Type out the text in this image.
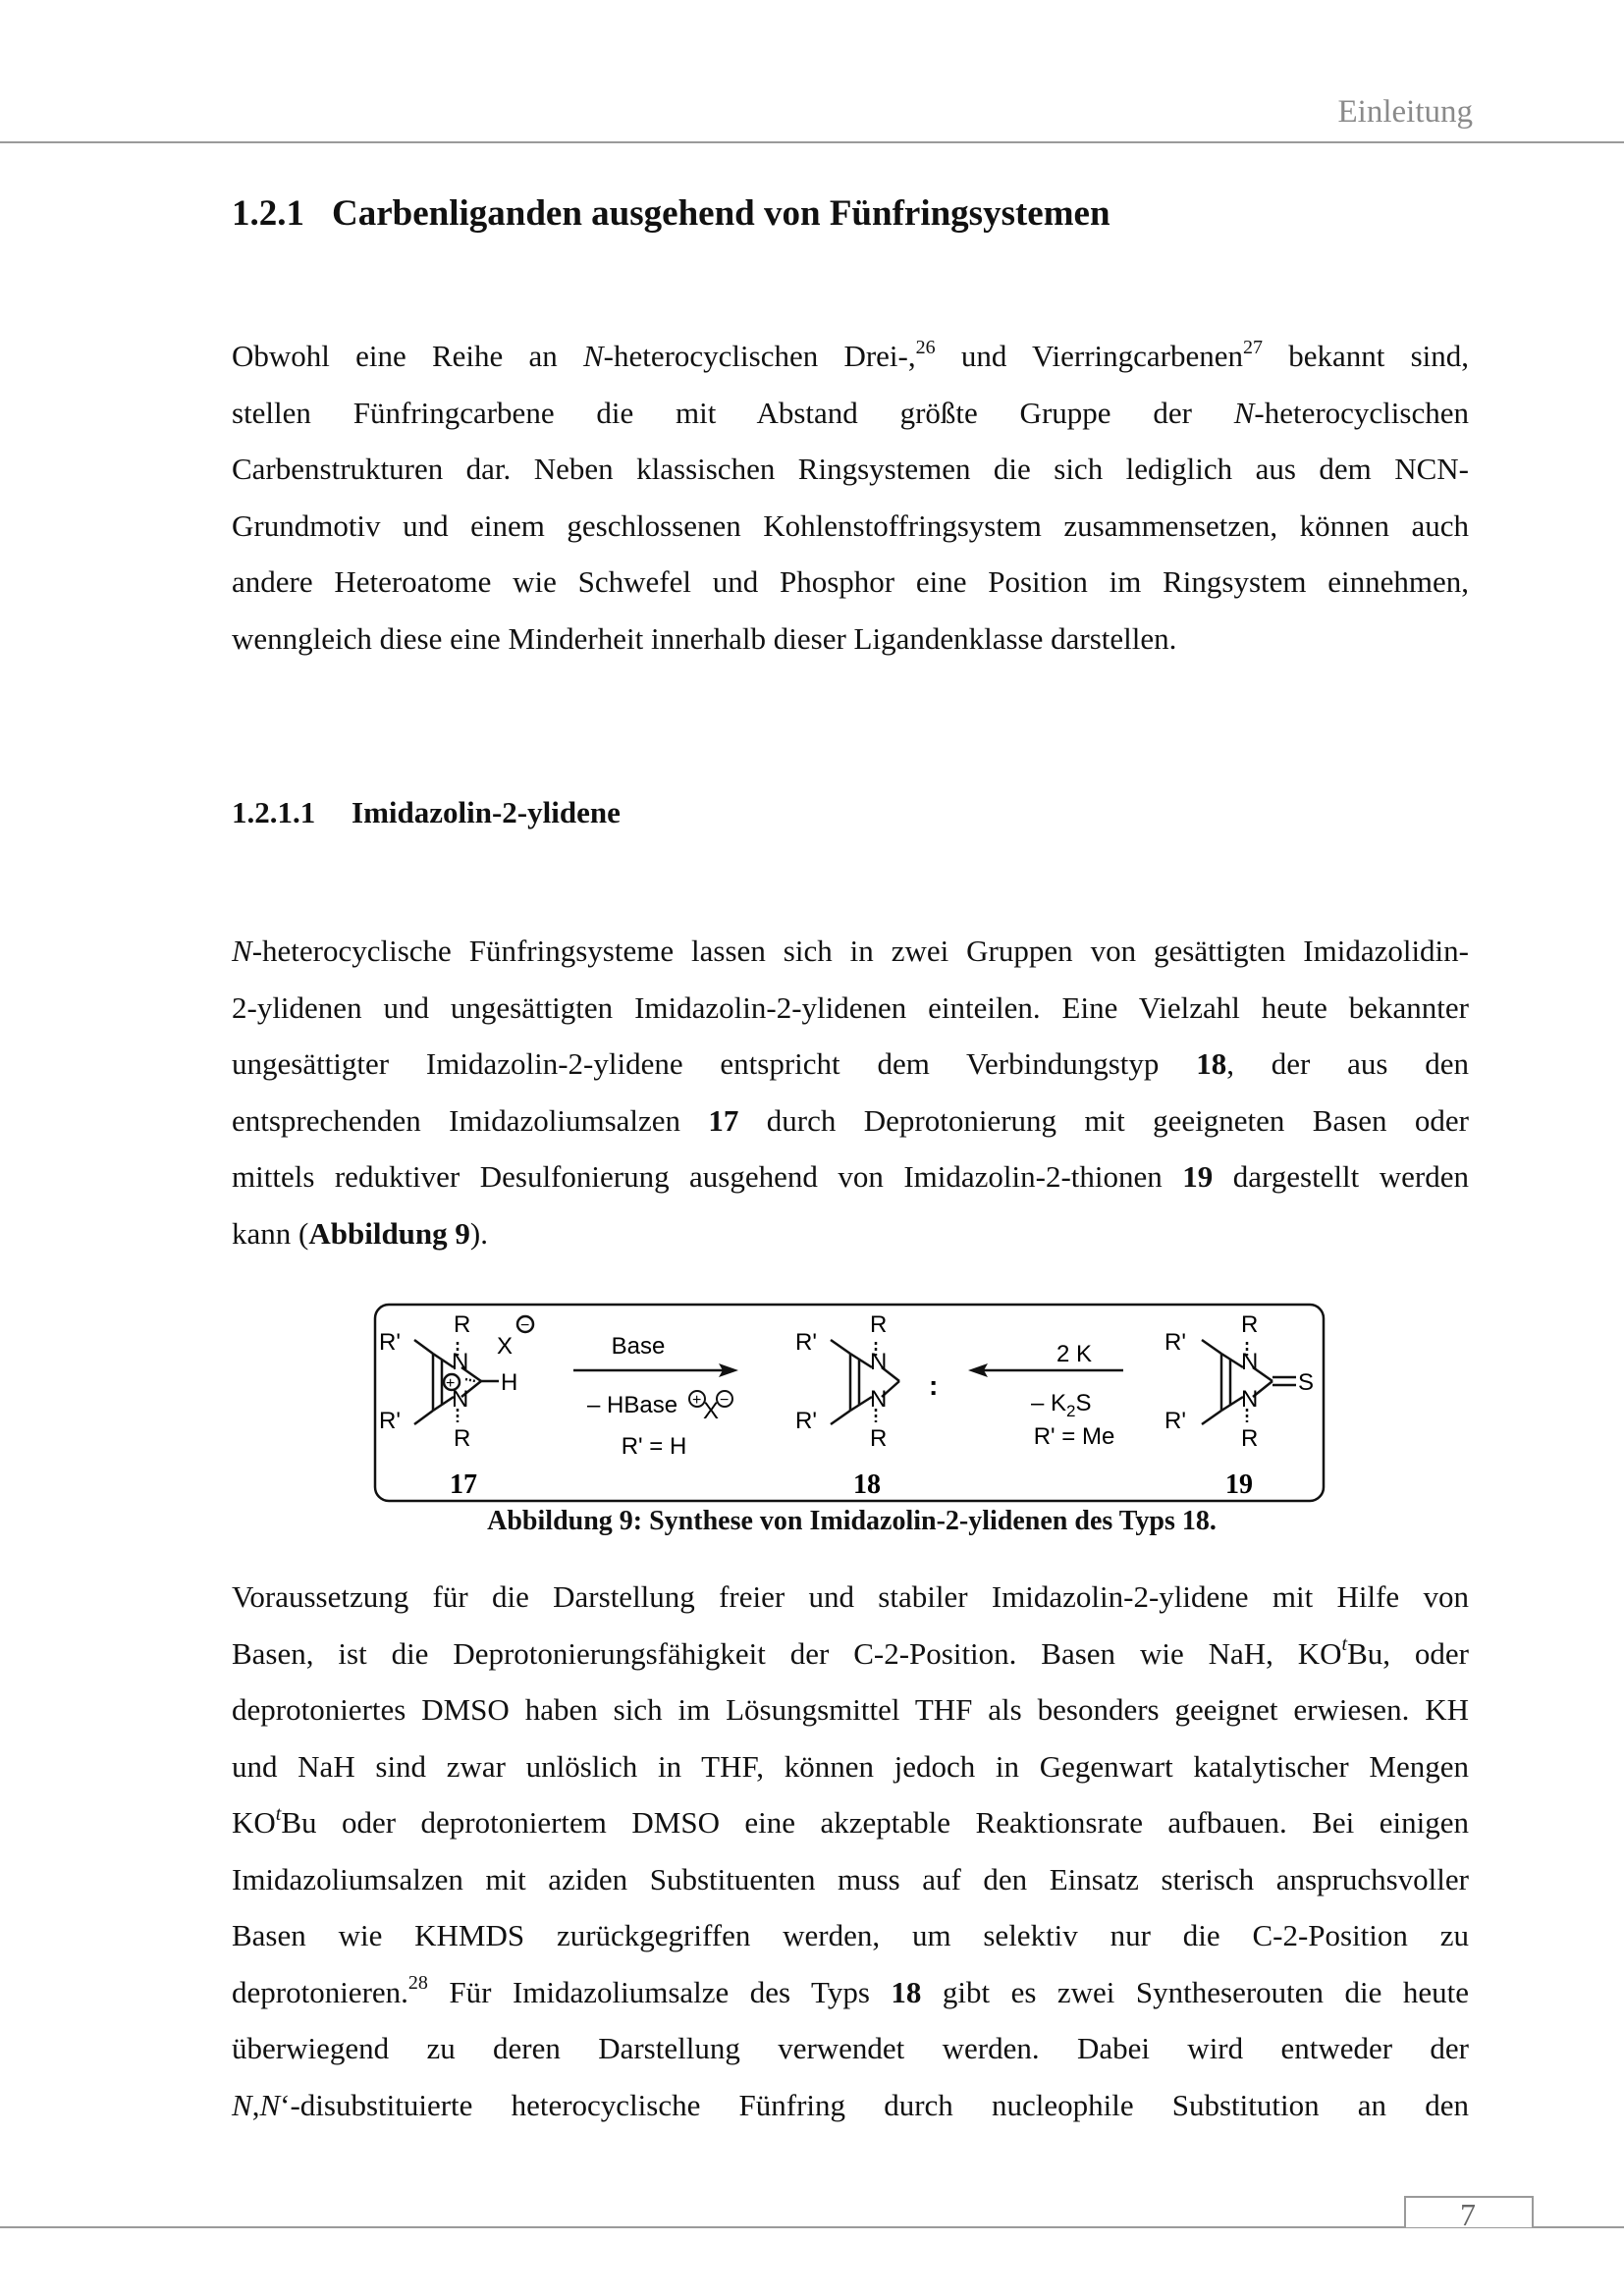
Einleitung
1.2.1 Carbenliganden ausgehend von Fünfringsystemen
Obwohl eine Reihe an N-heterocyclischen Drei-,$^{26}$ und Vierringcarbenen$^{27}$ bekannt sind,
stellen Fünfringcarbene die mit Abstand größte Gruppe der N-heterocyclischen
Carbenstrukturen dar. Neben klassischen Ringsystemen die sich lediglich aus dem NCN-
Grundmotiv und einem geschlossenen Kohlenstoffringsystem zusammensetzen, können auch
andere Heteroatome wie Schwefel und Phosphor eine Position im Ringsystem einnehmen,
wenngleich diese eine Minderheit innerhalb dieser Ligandenklasse darstellen.
1.2.1.1 Imidazolin-2-ylidene
N-heterocyclische Fünfringsysteme lassen sich in zwei Gruppen von gesättigten Imidazolidin-
2-ylidenen und ungesättigten Imidazolin-2-ylidenen einteilen. Eine Vielzahl heute bekannter
ungesättigter Imidazolin-2-ylidene entspricht dem Verbindungstyp 18, der aus den
entsprechenden Imidazoliumsalzen 17 durch Deprotonierung mit geeigneten Basen oder
mittels reduktiver Desulfonierung ausgehend von Imidazolin-2-thionen 19 dargestellt werden
kann (Abbildung 9).
R
R'
N
X
H
R'
N
R
+
−
Base
– HBase X
+ −
R' = H
R
R'
N
:
R'
N
R
2 K
– $K_2S$
R' = Me
R
R'
N
S
R'
N
R
17	18	19
Abbildung 9: Synthese von Imidazolin-2-ylidenen des Typs 18.
Voraussetzung für die Darstellung freier und stabiler Imidazolin-2-ylidene mit Hilfe von
Basen, ist die Deprotonierungsfähigkeit der C-2-Position. Basen wie NaH, $KO^tBu$, oder
deprotoniertes DMSO haben sich im Lösungsmittel THF als besonders geeignet erwiesen. KH
und NaH sind zwar unlöslich in THF, können jedoch in Gegenwart katalytischer Mengen
$KO^tBu$ oder deprotoniertem DMSO eine akzeptable Reaktionsrate aufbauen. Bei einigen
Imidazoliumsalzen mit aziden Substituenten muss auf den Einsatz sterisch anspruchsvoller
Basen wie KHMDS zurückgegriffen werden, um selektiv nur die C-2-Position zu
deprotonieren.$^{28}$ Für Imidazoliumsalze des Typs 18 gibt es zwei Syntheserouten die heute
überwiegend zu deren Darstellung verwendet werden. Dabei wird entweder der
N,N‘-disubstituierte heterocyclische Fünfring durch nucleophile Substitution an den
7
